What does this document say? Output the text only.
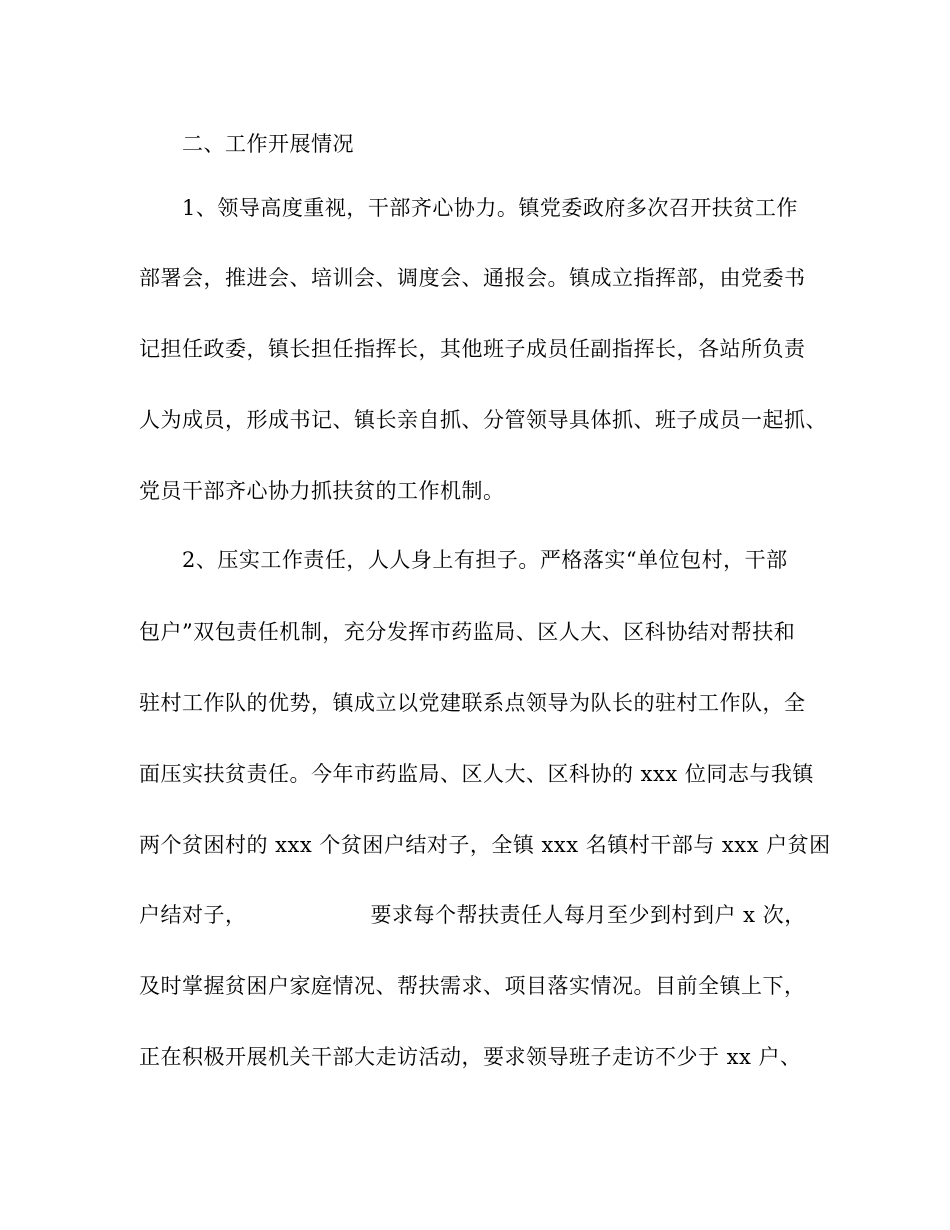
二、工作开展情况
1、领导高度重视，干部齐心协力。镇党委政府多次召开扶贫工作
部署会，推进会、培训会、调度会、通报会。镇成立指挥部，由党委书
记担任政委，镇长担任指挥长，其他班子成员任副指挥长，各站所负责
人为成员，形成书记、镇长亲自抓、分管领导具体抓、班子成员一起抓、
党员干部齐心协力抓扶贫的工作机制。
2、压实工作责任，人人身上有担子。严格落实“单位包村，干部
包户”双包责任机制，充分发挥市药监局、区人大、区科协结对帮扶和
驻村工作队的优势，镇成立以党建联系点领导为队长的驻村工作队，全
面压实扶贫责任。今年市药监局、区人大、区科协的 xxx 位同志与我镇
两个贫困村的 xxx 个贫困户结对子，全镇 xxx 名镇村干部与 xxx 户贫困
户结对子，	要求每个帮扶责任人每月至少到村到户 x 次，
及时掌握贫困户家庭情况、帮扶需求、项目落实情况。目前全镇上下，
正在积极开展机关干部大走访活动，要求领导班子走访不少于 xx 户、
